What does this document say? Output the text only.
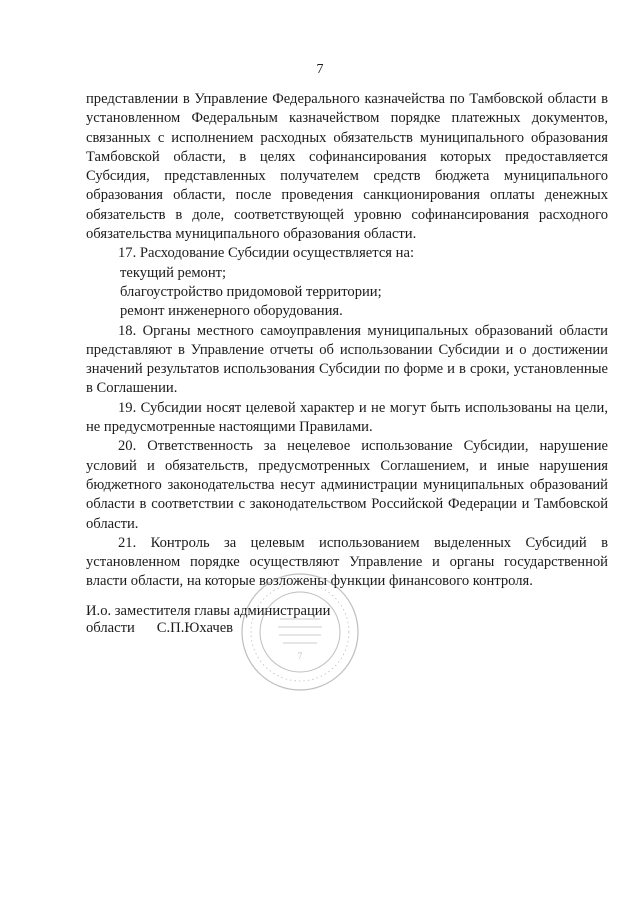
7

представлении в Управление Федерального казначейства по Тамбовской области в установленном Федеральным казначейством порядке платежных документов, связанных с исполнением расходных обязательств муниципального образования Тамбовской области, в целях софинансирования которых предоставляется Субсидия, представленных получателем средств бюджета муниципального образования области, после проведения санкционирования оплаты денежных обязательств в доле, соответствующей уровню софинансирования расходного обязательства муниципального образования области.

17. Расходование Субсидии осуществляется на:

текущий ремонт;

благоустройство придомовой территории;

ремонт инженерного оборудования.

18. Органы местного самоуправления муниципальных образований области представляют в Управление отчеты об использовании Субсидии и о достижении значений результатов использования Субсидии по форме и в сроки, установленные в Соглашении.

19. Субсидии носят целевой характер и не могут быть использованы на цели, не предусмотренные настоящими Правилами.

20. Ответственность за нецелевое использование Субсидии, нарушение условий и обязательств, предусмотренных Соглашением, и иные нарушения бюджетного законодательства несут администрации муниципальных образований области в соответствии с законодательством Российской Федерации и Тамбовской области.

21. Контроль за целевым использованием выделенных Субсидий в установленном порядке осуществляют Управление и органы государственной власти области, на которые возложены функции финансового контроля.

И.о. заместителя главы администрации
области С.П.Юхачев
7
